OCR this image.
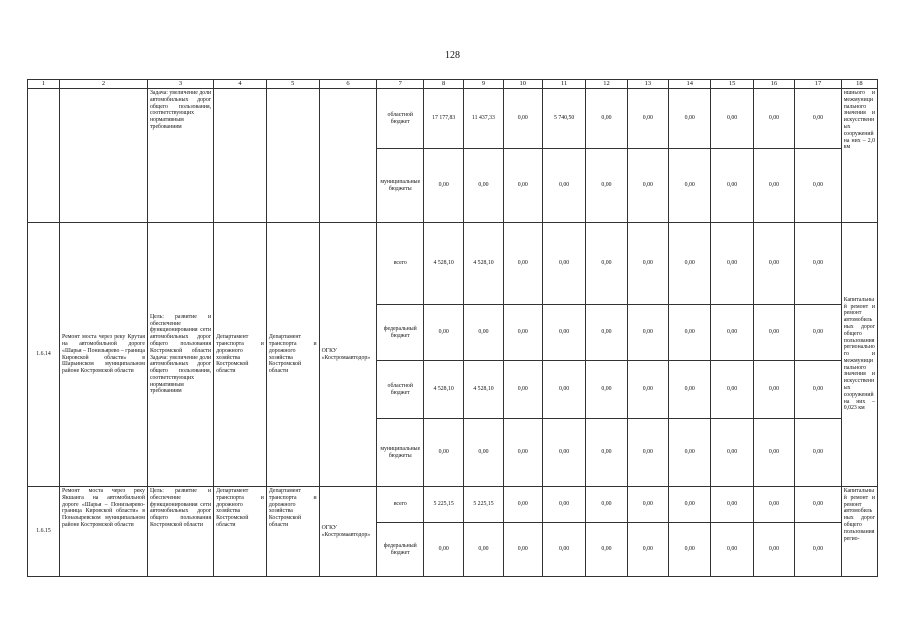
128
1	2	3	4	5	6	7	8	9	10	11	12	13	14	15	16	17	18
		Задача: увеличение доли автомобильных дорог общего пользования, соответствующих нормативным требованиям				областной бюджет	17 177,83	11 437,33	0,00	5 740,50	0,00	0,00	0,00	0,00	0,00	0,00	ншнього и межмуниципального значения и искусственных сооружений на них – 2,0 км
						муниципальные бюджеты	0,00	0,00	0,00	0,00	0,00	0,00	0,00	0,00	0,00	0,00	
1.6.14	Ремонт моста через реку Крутая на автомобильной дороге «Шарья – Понизьярево – граница Кировской области» в Шарьинском муниципальном районе Костромской области	Цель: развитие и обеспечение функционирования сети автомобильных дорог общего пользования Костромской области Задача: увеличение доли автомобильных дорог общего пользования, соответствующих нормативным требованиям	Департамент транспорта и дорожного хозяйства Костромской области	Департамент транспорта и дорожного хозяйства Костромской области	ОГКУ «Костромаавтодор»	всего	4 528,10	4 528,10	0,00	0,00	0,00	0,00	0,00	0,00	0,00	0,00	Капитальный ремонт и ремонт автомобильных дорог общего пользования регионального и межмуниципального значения и искусственных сооружений на них – 0,023 км
						федеральный бюджет	0,00	0,00	0,00	0,00	0,00	0,00	0,00	0,00	0,00	0,00	
						областной бюджет	4 528,10	4 528,10	0,00	0,00	0,00	0,00	0,00	0,00	0,00	0,00	
						муниципальные бюджеты	0,00	0,00	0,00	0,00	0,00	0,00	0,00	0,00	0,00	0,00	
1.6.15	Ремонт моста через реку Якшанга на автомобильной дороге «Шарья – Понизьярево-граница Кировской области» в Поназыревском муниципальном районе Костромской области	Цель: развитие и обеспечение функционирования сети автомобильных дорог общего пользования Костромской области	Департамент транспорта и дорожного хозяйства Костромской области	Департамент транспорта и дорожного хозяйства Костромской области	ОГКУ «Костромаавтодор»	всего	5 225,15	5 225,15	0,00	0,00	0,00	0,00	0,00	0,00	0,00	0,00	Капитальный ремонт и ремонт автомобильных дорог общего пользования регио-
						федеральный бюджет	0,00	0,00	0,00	0,00	0,00	0,00	0,00	0,00	0,00	0,00	
